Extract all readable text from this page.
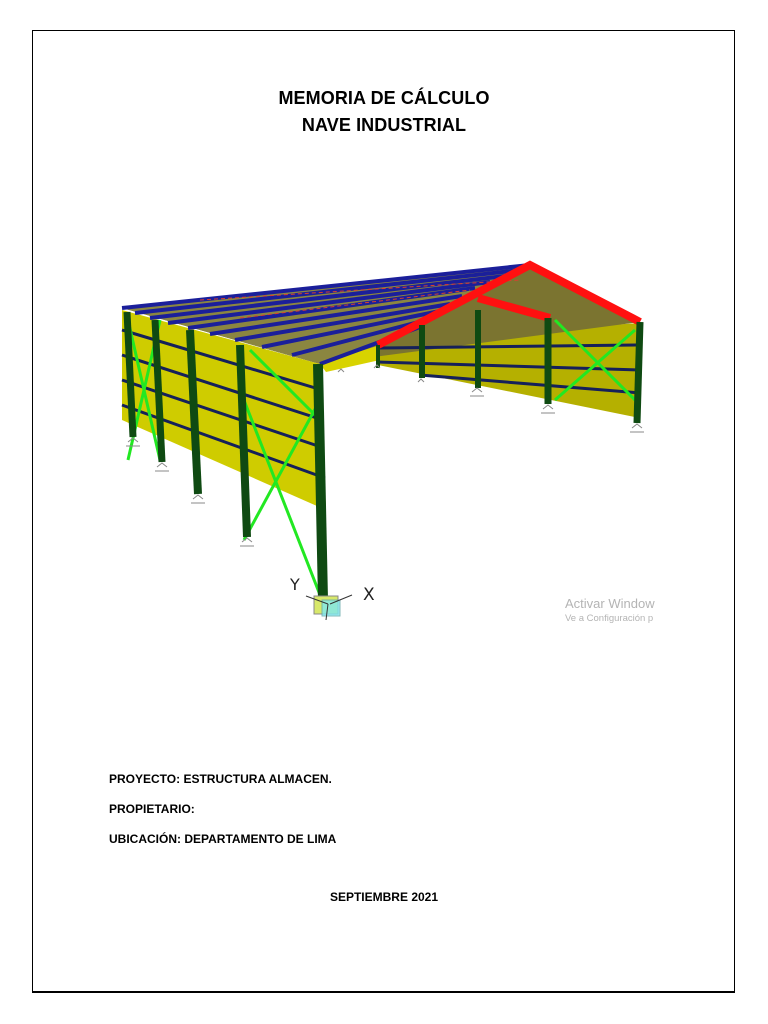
MEMORIA DE CÁLCULO
NAVE INDUSTRIAL
Y
X	Activar Window
Ve a Configuración p
PROYECTO: ESTRUCTURA ALMACEN.
PROPIETARIO:
UBICACIÓN: DEPARTAMENTO DE LIMA
SEPTIEMBRE 2021
